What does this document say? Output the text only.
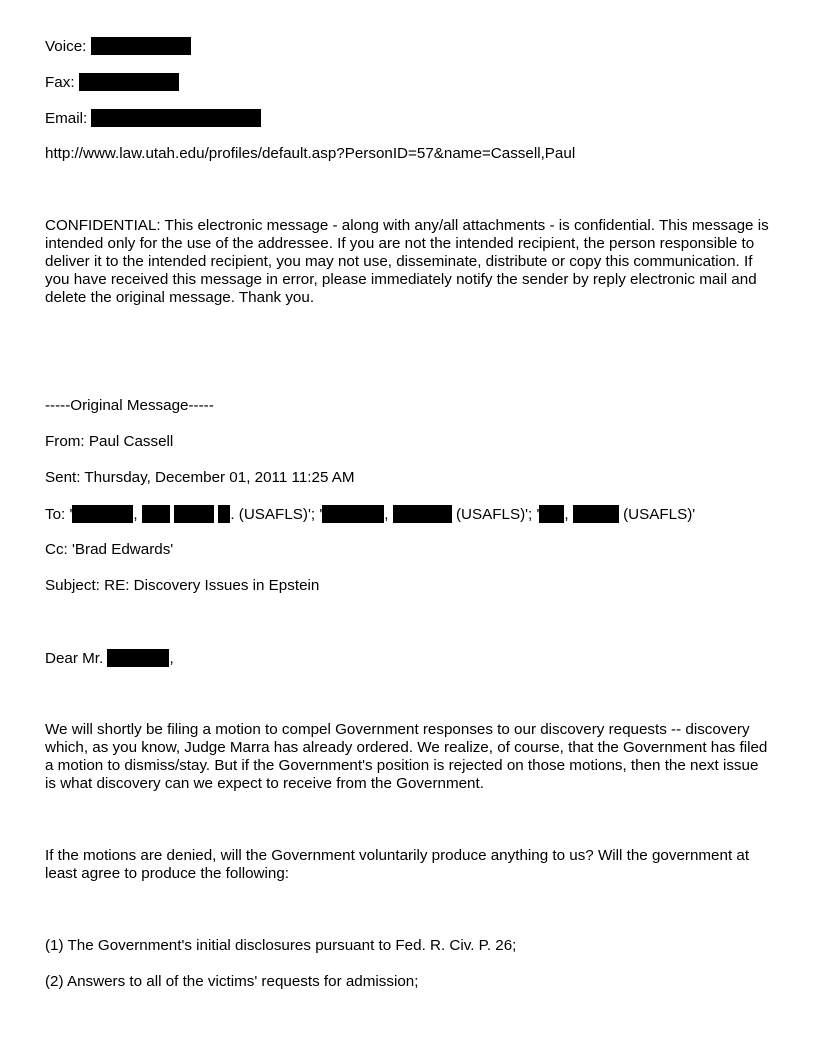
Voice:
Fax:
Email:
http://www.law.utah.edu/profiles/default.asp?PersonID=57&name=Cassell,Paul
CONFIDENTIAL: This electronic message - along with any/all attachments - is confidential. This message is intended only for the use of the addressee. If you are not the intended recipient, the person responsible to deliver it to the intended recipient, you may not use, disseminate, distribute or copy this communication. If you have received this message in error, please immediately notify the sender by reply electronic mail and delete the original message. Thank you.
-----Original Message-----
From: Paul Cassell
Sent: Thursday, December 01, 2011 11:25 AM
To: '	,	. (USAFLS)'; '	,	(USAFLS)'; ' ,	(USAFLS)'
Cc: 'Brad Edwards'
Subject: RE: Discovery Issues in Epstein
Dear Mr.	,
We will shortly be filing a motion to compel Government responses to our discovery requests -- discovery which, as you know, Judge Marra has already ordered. We realize, of course, that the Government has filed a motion to dismiss/stay. But if the Government's position is rejected on those motions, then the next issue is what discovery can we expect to receive from the Government.
If the motions are denied, will the Government voluntarily produce anything to us? Will the government at least agree to produce the following:
(1) The Government's initial disclosures pursuant to Fed. R. Civ. P. 26;
(2) Answers to all of the victims' requests for admission;
